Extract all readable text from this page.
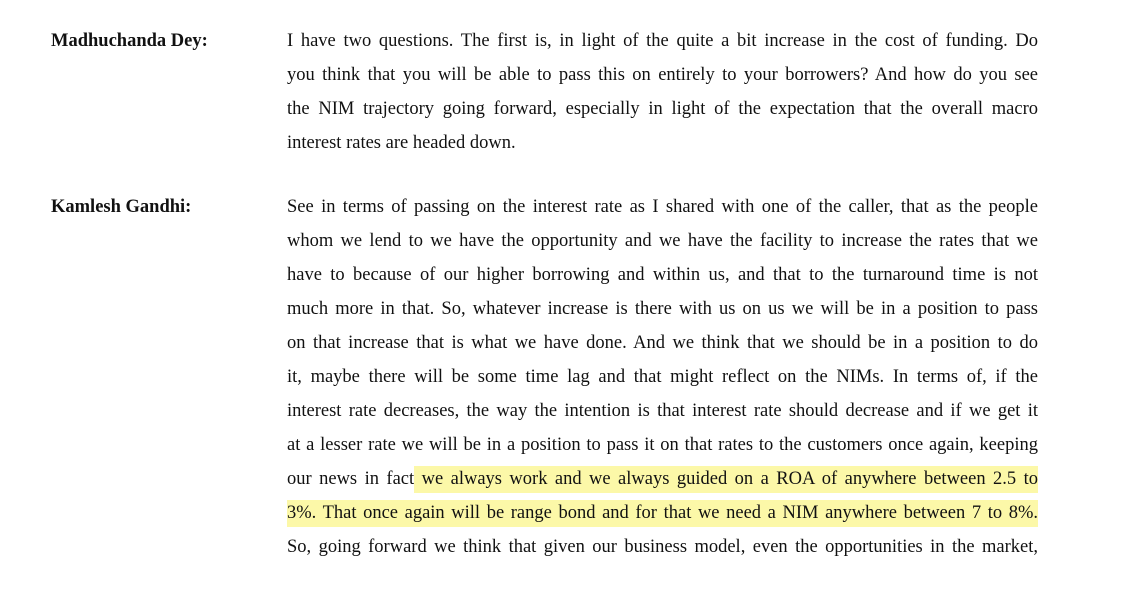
Madhuchanda Dey:	I have two questions. The first is, in light of the quite a bit increase in the cost of funding. Do
you think that you will be able to pass this on entirely to your borrowers? And how do you see
the NIM trajectory going forward, especially in light of the expectation that the overall macro
interest rates are headed down.
Kamlesh Gandhi:	See in terms of passing on the interest rate as I shared with one of the caller, that as the people
whom we lend to we have the opportunity and we have the facility to increase the rates that we
have to because of our higher borrowing and within us, and that to the turnaround time is not
much more in that. So, whatever increase is there with us on us we will be in a position to pass
on that increase that is what we have done. And we think that we should be in a position to do
it, maybe there will be some time lag and that might reflect on the NIMs. In terms of, if the
interest rate decreases, the way the intention is that interest rate should decrease and if we get it
at a lesser rate we will be in a position to pass it on that rates to the customers once again, keeping
our news in fact we always work and we always guided on a ROA of anywhere between 2.5 to
3%. That once again will be range bond and for that we need a NIM anywhere between 7 to 8%.
So, going forward we think that given our business model, even the opportunities in the market,
